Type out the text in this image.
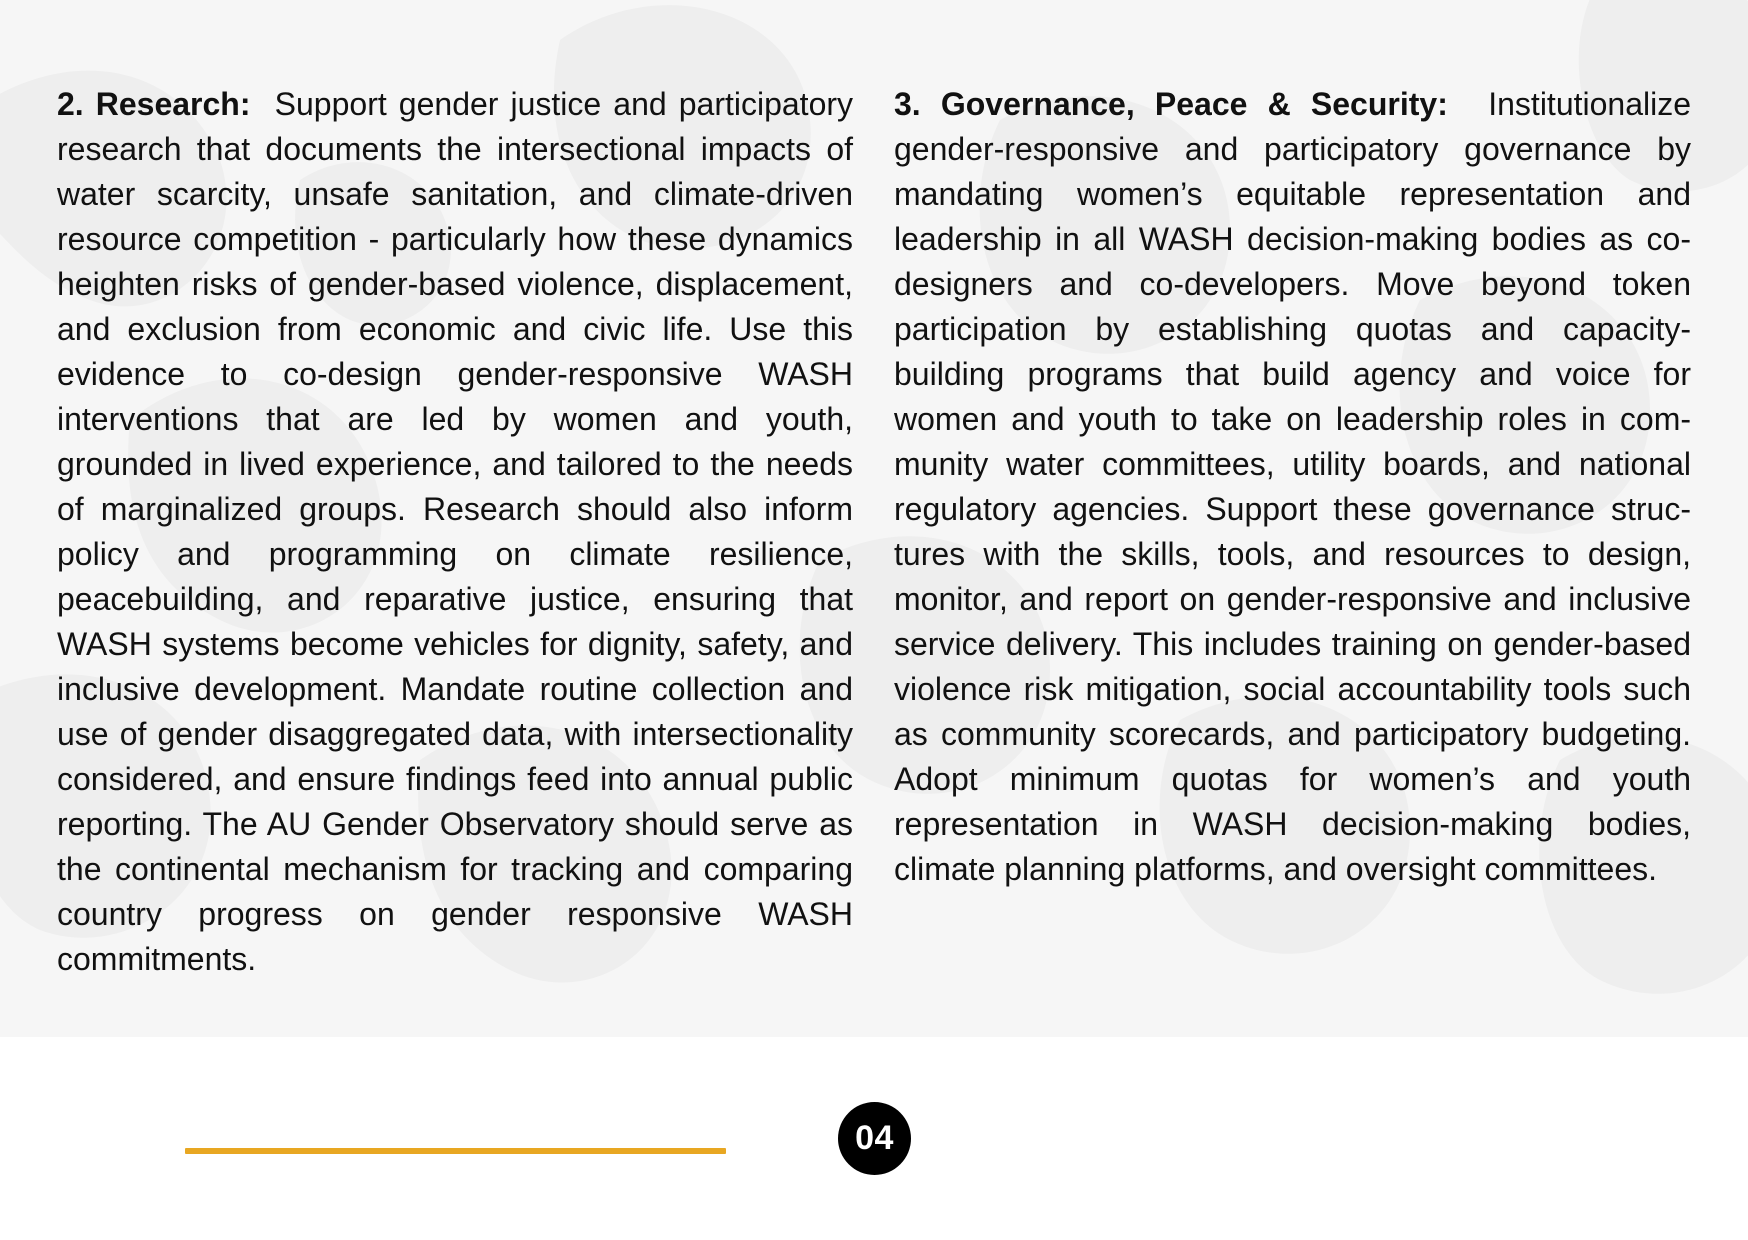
2. Research: Support gender justice and participatory research that documents the intersectional impacts of water scarcity, unsafe sanitation, and climate-driven resource competition - particularly how these dynamics heighten risks of gender-based violence, displacement, and exclusion from economic and civic life. Use this evidence to co-design gender-responsive WASH interventions that are led by women and youth, grounded in lived experience, and tailored to the needs of marginalized groups. Research should also inform policy and programming on climate resilience, peacebuilding, and reparative justice, ensuring that WASH systems become vehicles for dignity, safety, and inclusive development. Mandate routine collection and use of gender disaggregated data, with intersectionality considered, and ensure findings feed into annual public reporting. The AU Gender Observatory should serve as the continental mechanism for tracking and comparing country progress on gender responsive WASH commitments.
3. Governance, Peace & Security: Institutionalize gender-responsive and participatory governance by mandating women’s equitable representation and leadership in all WASH decision-making bodies as co-designers and co-developers. Move beyond token participation by establishing quotas and capacity-building programs that build agency and voice for women and youth to take on leadership roles in community water committees, utility boards, and national regulatory agencies. Support these governance structures with the skills, tools, and resources to design, monitor, and report on gender-responsive and inclusive service delivery. This includes training on gender-based violence risk mitigation, social accountability tools such as community scorecards, and participatory budgeting. Adopt minimum quotas for women’s and youth representation in WASH decision-making bodies, climate planning platforms, and oversight committees.
04
